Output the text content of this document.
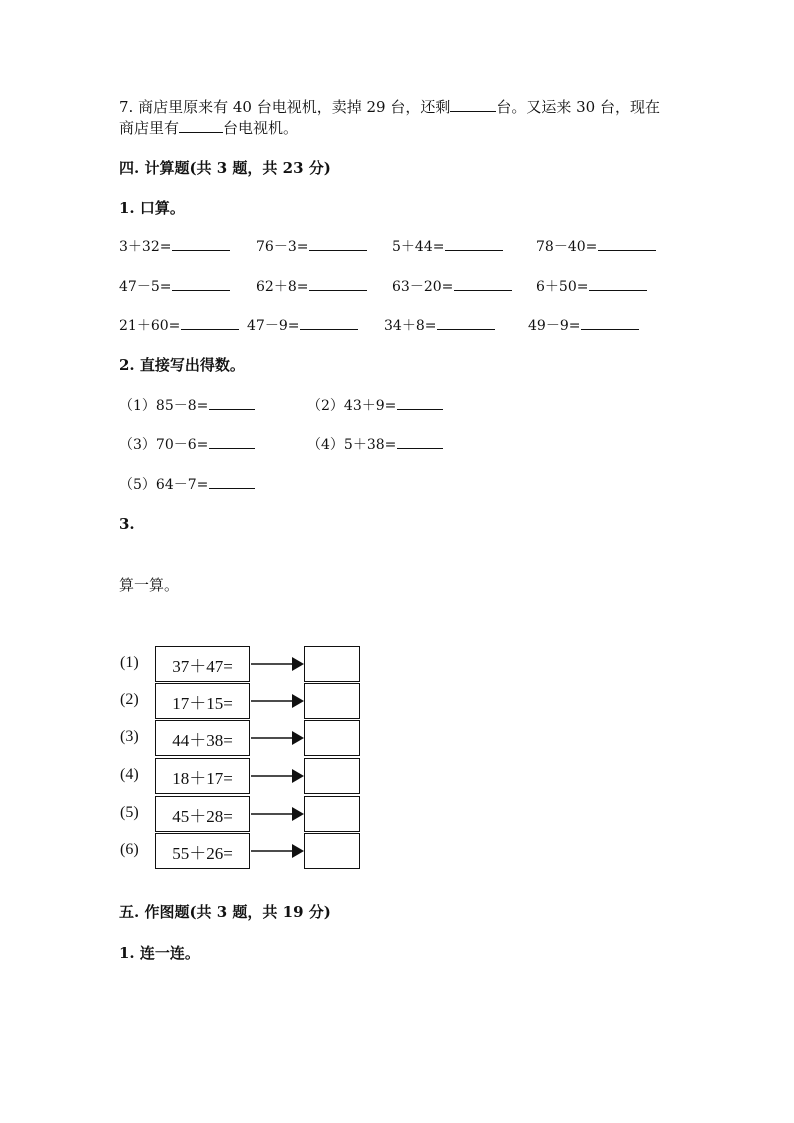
7. 商店里原来有 40 台电视机，卖掉 29 台，还剩	台。又运来 30 台，现在
商店里有	台电视机。
四. 计算题(共 3 题，共 23 分)
1. 口算。
3＋32=	76－3=	5＋44=	78－40=
47－5=	62＋8=	63－20=	6＋50=
21＋60=	47－9=	34＋8=	49－9=
2. 直接写出得数。
（1）85－8=	（2）43＋9=
（3）70－6=	（4）5＋38=
（5）64－7=
3.
算一算。
(1)	37＋47=
(2)	17＋15=
(3)	44＋38=
(4)	18＋17=
(5)	45＋28=
(6)	55＋26=
五. 作图题(共 3 题，共 19 分)
1. 连一连。
